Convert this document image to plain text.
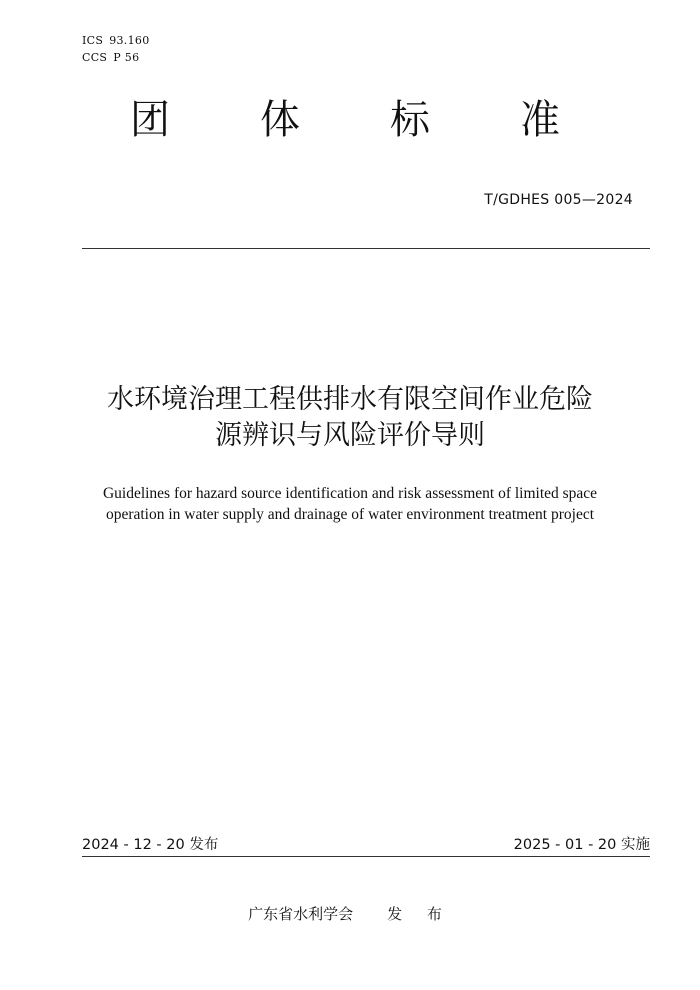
ICS 93.160
CCS P 56
团 体 标 准
T/GDHES 005—2024
水环境治理工程供排水有限空间作业危险
源辨识与风险评价导则
Guidelines for hazard source identification and risk assessment of limited space
operation in water supply and drainage of water environment treatment project
2024 - 12 - 20 发布	2025 - 01 - 20 实施
广东省水利学会 发 布
